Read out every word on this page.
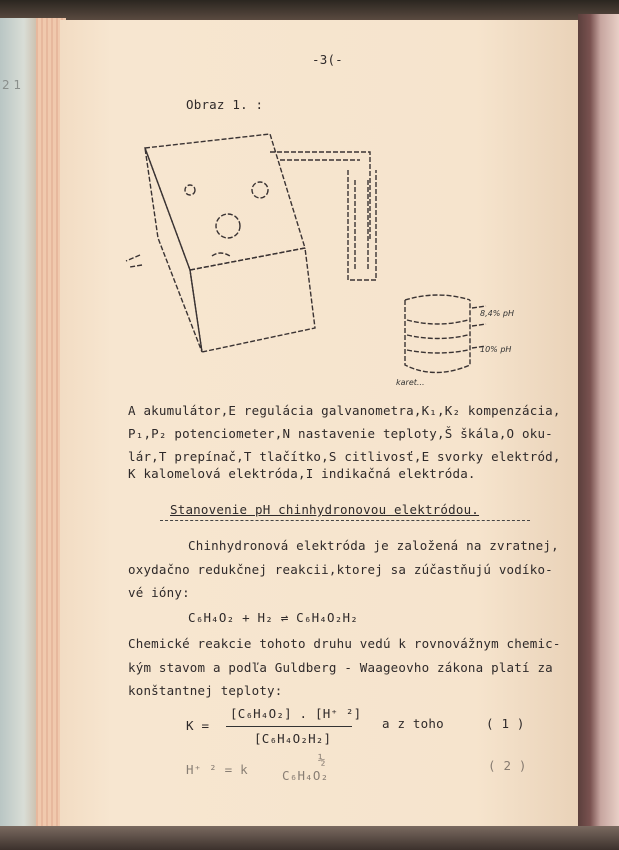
2 1
-3(-
Obraz 1. :
8,4% pH
10% pH
karet...
A akumulátor,E regulácia galvanometra,K₁,K₂ kompenzácia,
P₁,P₂ potenciometer,N nastavenie teploty,Š škála,O oku-
lár,T prepínač,T tlačítko,S citlivosť,E svorky elektród,
K kalomelová elektróda,I indikačná elektróda.
Stanovenie pH chinhydronovou elektródou.
Chinhydronová elektróda je založená na zvratnej,
oxydačno redukčnej reakcii,ktorej sa zúčastňujú vodíko-
vé ióny:
C₆H₄O₂ + H₂ ⇌ C₆H₄O₂H₂
Chemické reakcie tohoto druhu vedú k rovnovážnym chemic-
kým stavom a podľa Guldberg - Waageovho zákona platí za
konštantnej teploty:
K =
[C₆H₄O₂] . [H⁺ ²]
[C₆H₄O₂H₂]
a z toho	( 1 )
H⁺ ² = k
½
C₆H₄O₂
( 2 )
